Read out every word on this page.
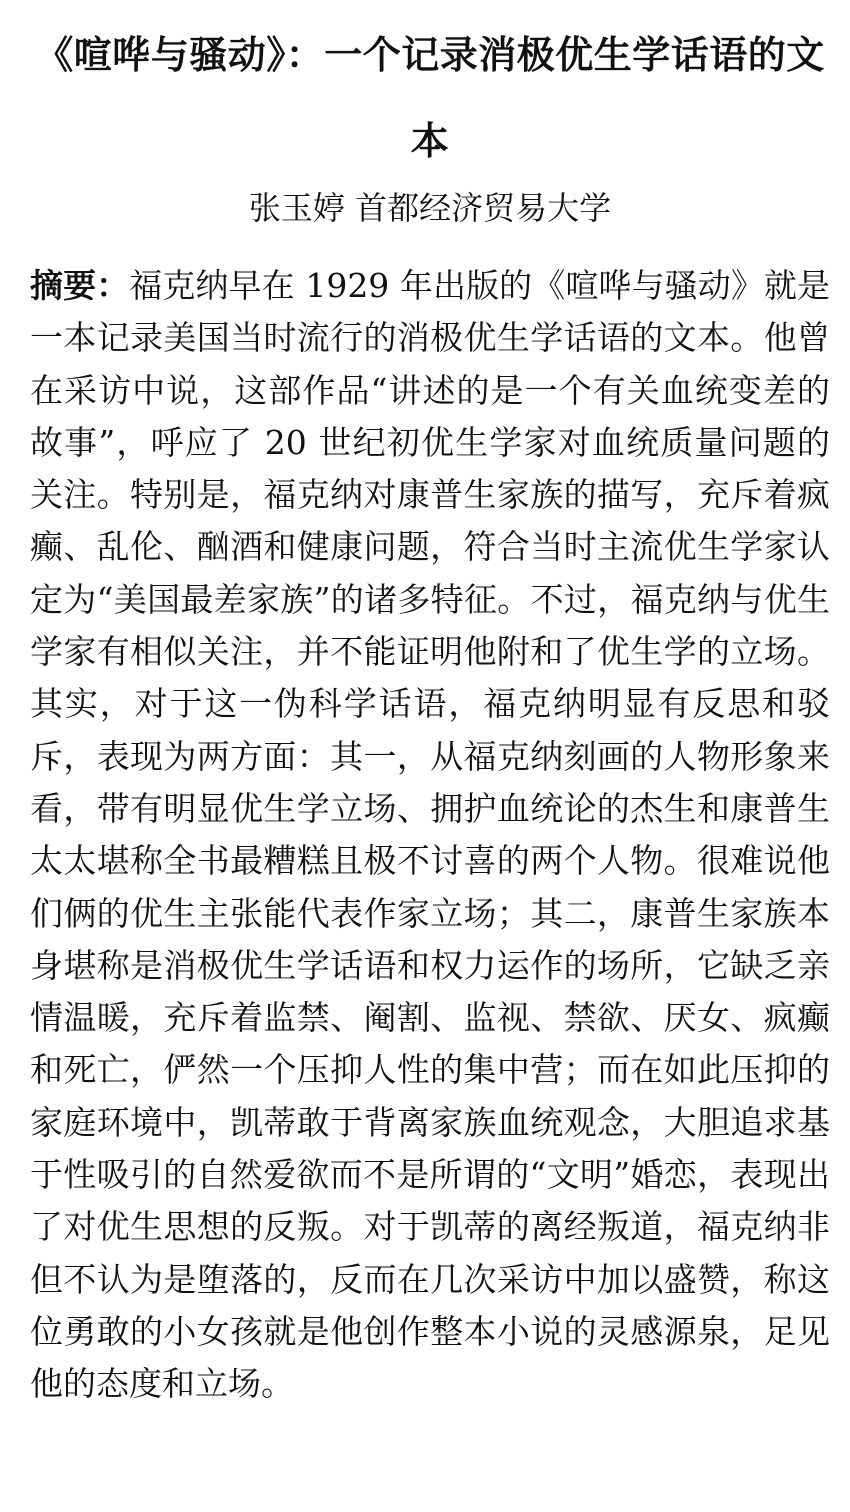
《喧哗与骚动》：一个记录消极优生学话语的文本

张玉婷 首都经济贸易大学

摘要：福克纳早在 1929 年出版的《喧哗与骚动》就是一本记录美国当时流行的消极优生学话语的文本。他曾在采访中说，这部作品“讲述的是一个有关血统变差的故事”，呼应了 20 世纪初优生学家对血统质量问题的关注。特别是，福克纳对康普生家族的描写，充斥着疯癫、乱伦、酗酒和健康问题，符合当时主流优生学家认定为“美国最差家族”的诸多特征。不过，福克纳与优生学家有相似关注，并不能证明他附和了优生学的立场。其实，对于这一伪科学话语，福克纳明显有反思和驳斥，表现为两方面：其一，从福克纳刻画的人物形象来看，带有明显优生学立场、拥护血统论的杰生和康普生太太堪称全书最糟糕且极不讨喜的两个人物。很难说他们俩的优生主张能代表作家立场；其二，康普生家族本身堪称是消极优生学话语和权力运作的场所，它缺乏亲情温暖，充斥着监禁、阉割、监视、禁欲、厌女、疯癫和死亡，俨然一个压抑人性的集中营；而在如此压抑的家庭环境中，凯蒂敢于背离家族血统观念，大胆追求基于性吸引的自然爱欲而不是所谓的“文明”婚恋，表现出了对优生思想的反叛。对于凯蒂的离经叛道，福克纳非但不认为是堕落的，反而在几次采访中加以盛赞，称这位勇敢的小女孩就是他创作整本小说的灵感源泉，足见他的态度和立场。
